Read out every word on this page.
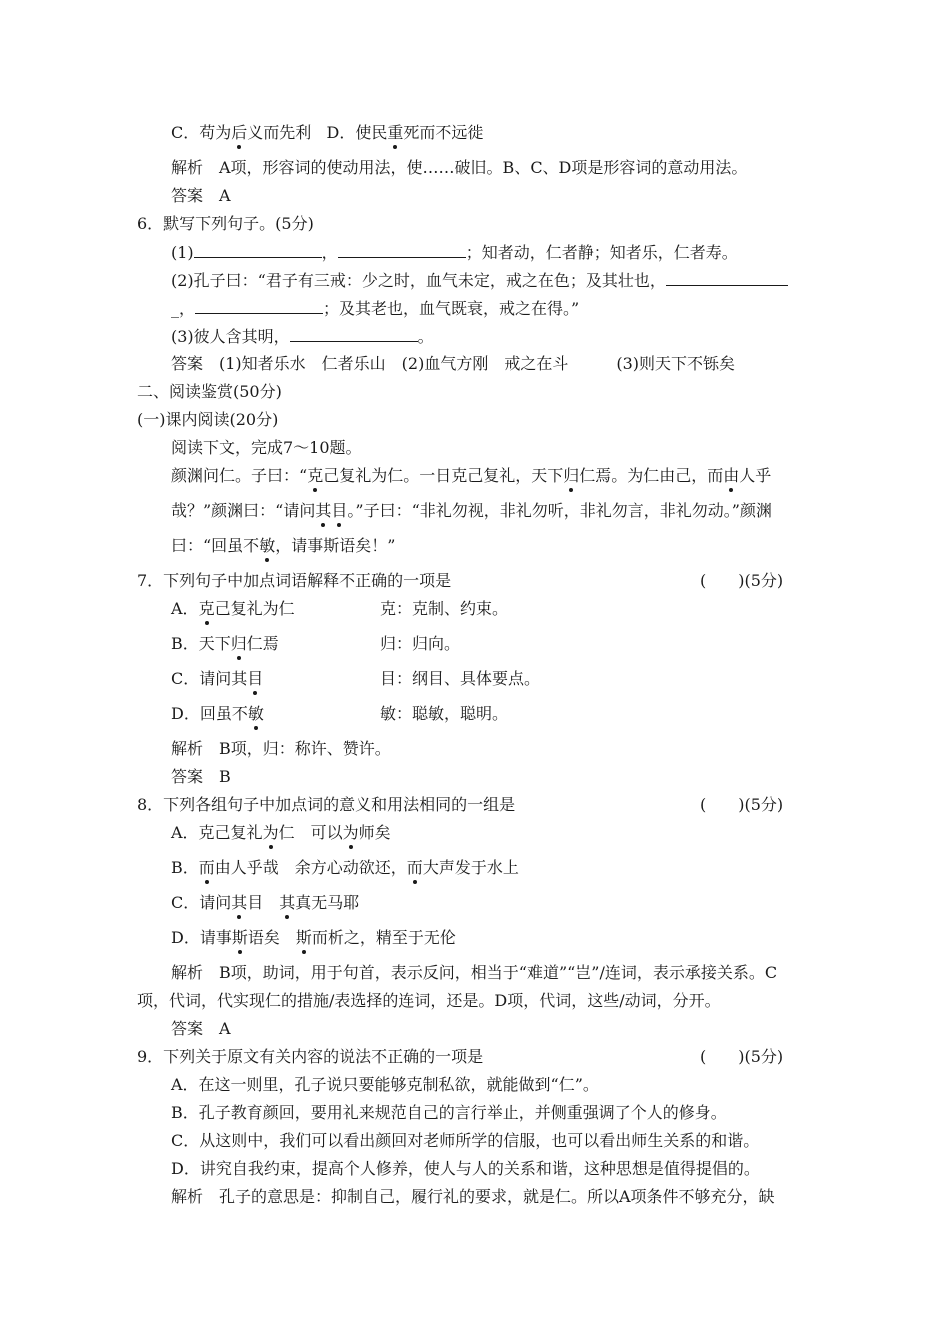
C．苟为后义而先利 D．使民重死而不远徙
解析　A项，形容词的使动用法，使……破旧。B、C、D项是形容词的意动用法。
答案　A
6．默写下列句子。(5分)
(1)	，	；知者动，仁者静；知者乐，仁者寿。
(2)孔子曰：“君子有三戒：少之时，血气未定，戒之在色；及其壮也，
_，	；及其老也，血气既衰，戒之在得。”
(3)彼人含其明，	。
答案　(1)知者乐水　仁者乐山　(2)血气方刚　戒之在斗　　　(3)则天下不铄矣
二、阅读鉴赏(50分)
(一)课内阅读(20分)
阅读下文，完成7～10题。
颜渊问仁。子曰：“克己复礼为仁。一日克己复礼，天下归仁焉。为仁由己，而由人乎
哉？”颜渊曰：“请问其目。”子曰：“非礼勿视，非礼勿听，非礼勿言，非礼勿动。”颜渊
曰：“回虽不敏，请事斯语矣！”
7．下列句子中加点词语解释不正确的一项是	(　　)(5分)
A．克己复礼为仁	克：克制、约束。
B．天下归仁焉	归：归向。
C．请问其目	目：纲目、具体要点。
D．回虽不敏	敏：聪敏，聪明。
解析　B项，归：称许、赞许。
答案　B
8．下列各组句子中加点词的意义和用法相同的一组是	(　　)(5分)
A．克己复礼为仁　可以为师矣
B．而由人乎哉　余方心动欲还，而大声发于水上
C．请问其目　其真无马耶
D．请事斯语矣　斯而析之，精至于无伦
解析　B项，助词，用于句首，表示反问，相当于“难道”“岂”/连词，表示承接关系。C
项，代词，代实现仁的措施/表选择的连词，还是。D项，代词，这些/动词，分开。
答案　A
9．下列关于原文有关内容的说法不正确的一项是	(　　)(5分)
A．在这一则里，孔子说只要能够克制私欲，就能做到“仁”。
B．孔子教育颜回，要用礼来规范自己的言行举止，并侧重强调了个人的修身。
C．从这则中，我们可以看出颜回对老师所学的信服，也可以看出师生关系的和谐。
D．讲究自我约束，提高个人修养，使人与人的关系和谐，这种思想是值得提倡的。
解析　孔子的意思是：抑制自己，履行礼的要求，就是仁。所以A项条件不够充分，缺
